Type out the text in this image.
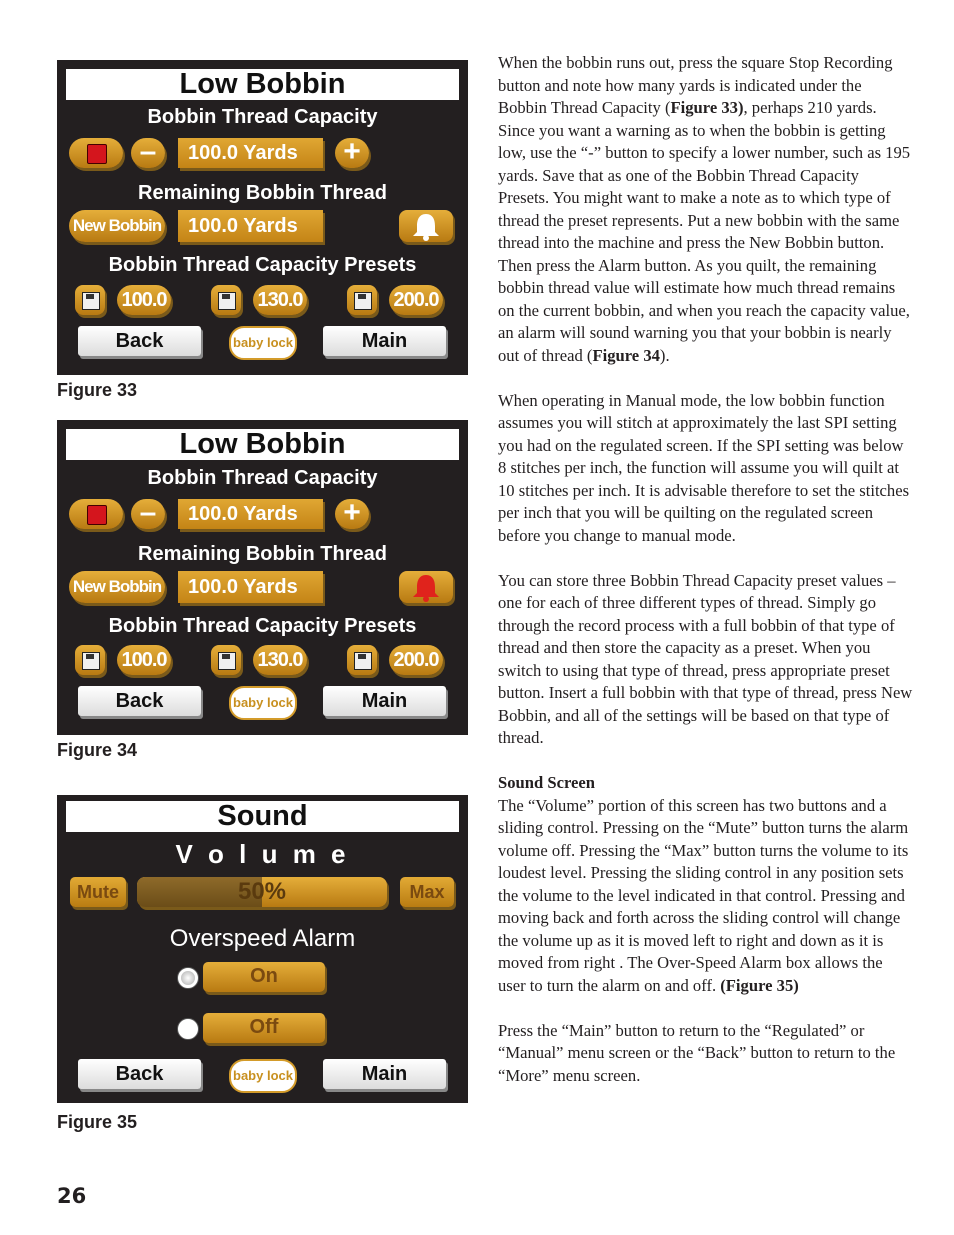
Low Bobbin
Bobbin Thread Capacity
–	100.0 Yards	+
Remaining Bobbin Thread
New Bobbin	100.0 Yards
Bobbin Thread Capacity Presets
100.0	130.0	200.0
Back	baby lock	Main
Figure 33
Low Bobbin
Bobbin Thread Capacity
–	100.0 Yards	+
Remaining Bobbin Thread
New Bobbin	100.0 Yards
Bobbin Thread Capacity Presets
100.0	130.0	200.0
Back	baby lock	Main
Figure 34
Sound
V o l u m e
Mute	50%	Max
Overspeed Alarm
On
Off
Back	baby lock	Main
Figure 35

When the bobbin runs out, press the square Stop Recording button and note how many yards is indicated under the Bobbin Thread Capacity (Figure 33), perhaps 210 yards. Since you want a warning as to when the bobbin is getting low, use the “-” button to specify a lower number, such as 195 yards. Save that as one of the Bobbin Thread Capacity Presets. You might want to make a note as to which type of thread the preset represents. Put a new bobbin with the same thread into the machine and press the New Bobbin button. Then press the Alarm button. As you quilt, the remaining bobbin thread value will estimate how much thread remains on the current bobbin, and when you reach the capacity value, an alarm will sound warning you that your bobbin is nearly out of thread (Figure 34).

When operating in Manual mode, the low bobbin function assumes you will stitch at approximately the last SPI setting you had on the regulated screen. If the SPI setting was below 8 stitches per inch, the function will assume you will quilt at 10 stitches per inch. It is advisable therefore to set the stitches per inch that you will be quilting on the regulated screen before you change to manual mode.

You can store three Bobbin Thread Capacity preset values – one for each of three different types of thread. Simply go through the record process with a full bobbin of that type of thread and then store the capacity as a preset. When you switch to using that type of thread, press appropriate preset button. Insert a full bobbin with that type of thread, press New Bobbin, and all of the settings will be based on that type of thread.

Sound Screen

The “Volume” portion of this screen has two buttons and a sliding control. Pressing on the “Mute” button turns the alarm volume off. Pressing the “Max” button turns the volume to its loudest level. Pressing the sliding control in any position sets the volume to the level indicated in that control. Pressing and moving back and forth across the sliding control will change the volume up as it is moved left to right and down as it is moved from right . The Over-Speed Alarm box allows the user to turn the alarm on and off. (Figure 35)

Press the “Main” button to return to the “Regulated” or “Manual” menu screen or the “Back” button to return to the “More” menu screen.

26
